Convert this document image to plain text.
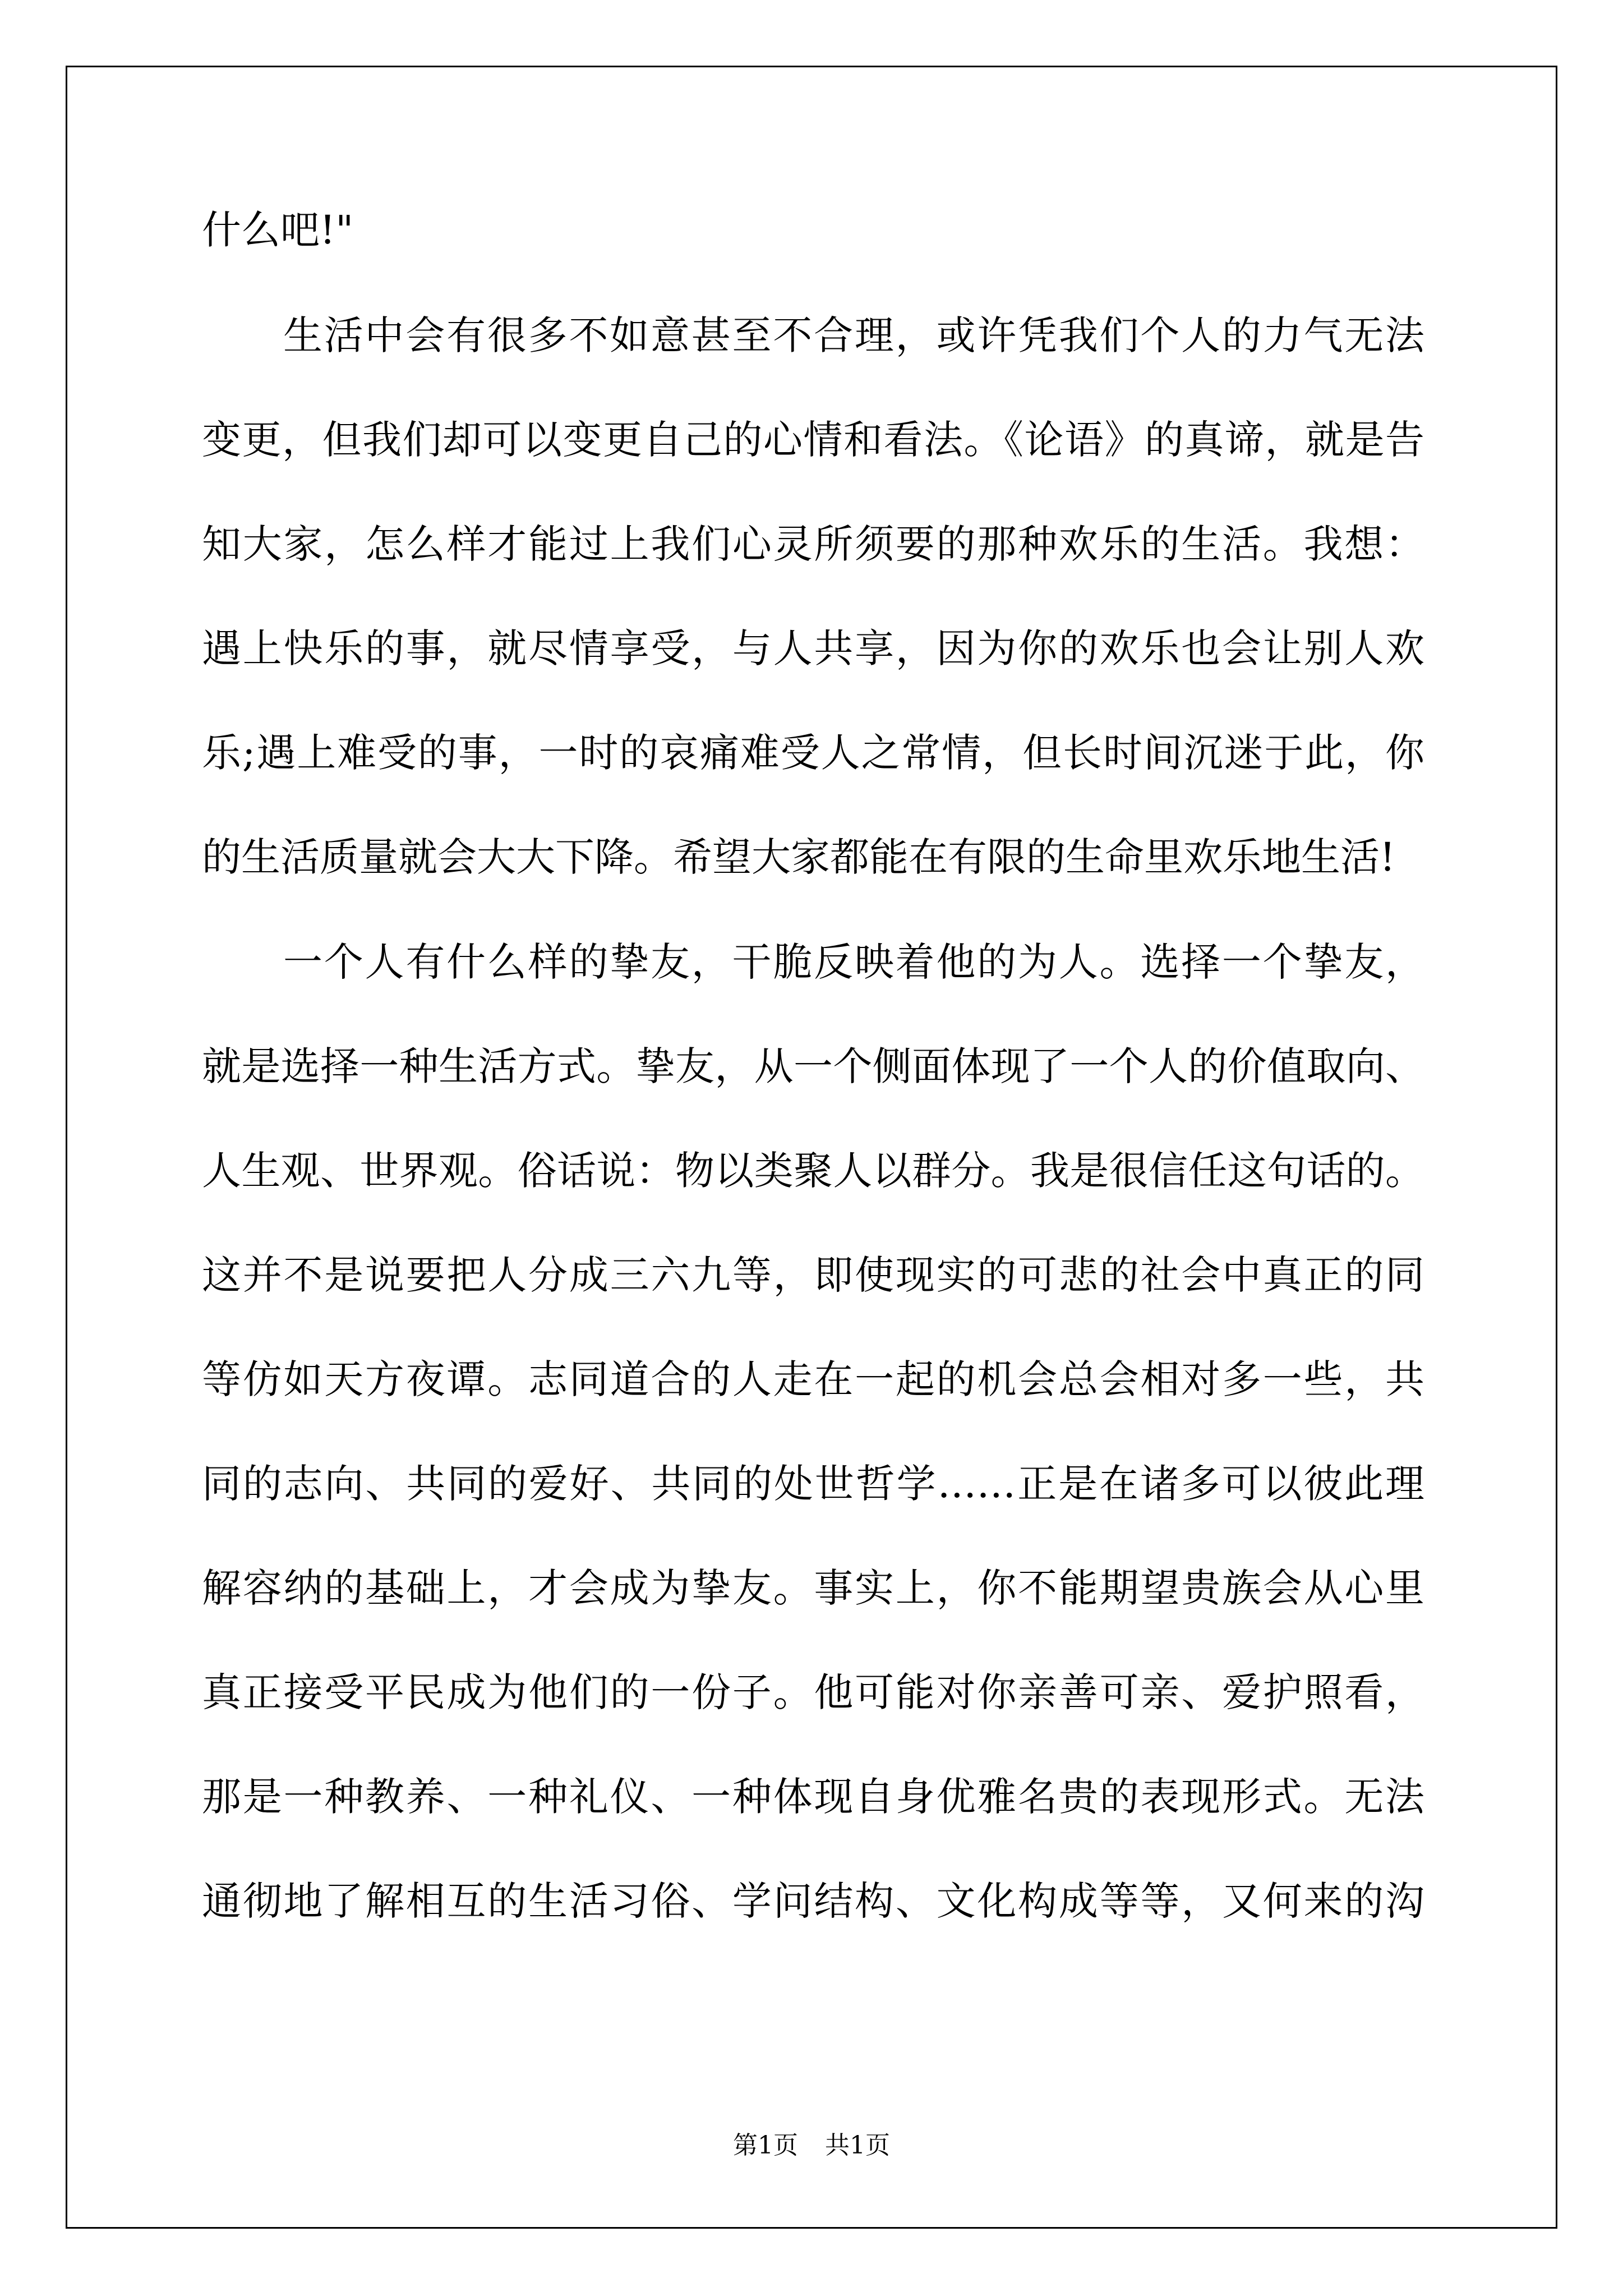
什么吧!"
生活中会有很多不如意甚至不合理，或许凭我们个人的力气无法
变更，但我们却可以变更自己的心情和看法。《论语》的真谛，就是告
知大家，怎么样才能过上我们心灵所须要的那种欢乐的生活。我想：
遇上快乐的事，就尽情享受，与人共享，因为你的欢乐也会让别人欢
乐;遇上难受的事，一时的哀痛难受人之常情，但长时间沉迷于此，你
的生活质量就会大大下降。希望大家都能在有限的生命里欢乐地生活!
一个人有什么样的挚友，干脆反映着他的为人。选择一个挚友，
就是选择一种生活方式。挚友，从一个侧面体现了一个人的价值取向、
人生观、世界观。俗话说：物以类聚人以群分。我是很信任这句话的。
这并不是说要把人分成三六九等，即使现实的可悲的社会中真正的同
等仿如天方夜谭。志同道合的人走在一起的机会总会相对多一些，共
同的志向、共同的爱好、共同的处世哲学……正是在诸多可以彼此理
解容纳的基础上，才会成为挚友。事实上，你不能期望贵族会从心里
真正接受平民成为他们的一份子。他可能对你亲善可亲、爱护照看，
那是一种教养、一种礼仪、一种体现自身优雅名贵的表现形式。无法
通彻地了解相互的生活习俗、学问结构、文化构成等等，又何来的沟
第1页 共1页
